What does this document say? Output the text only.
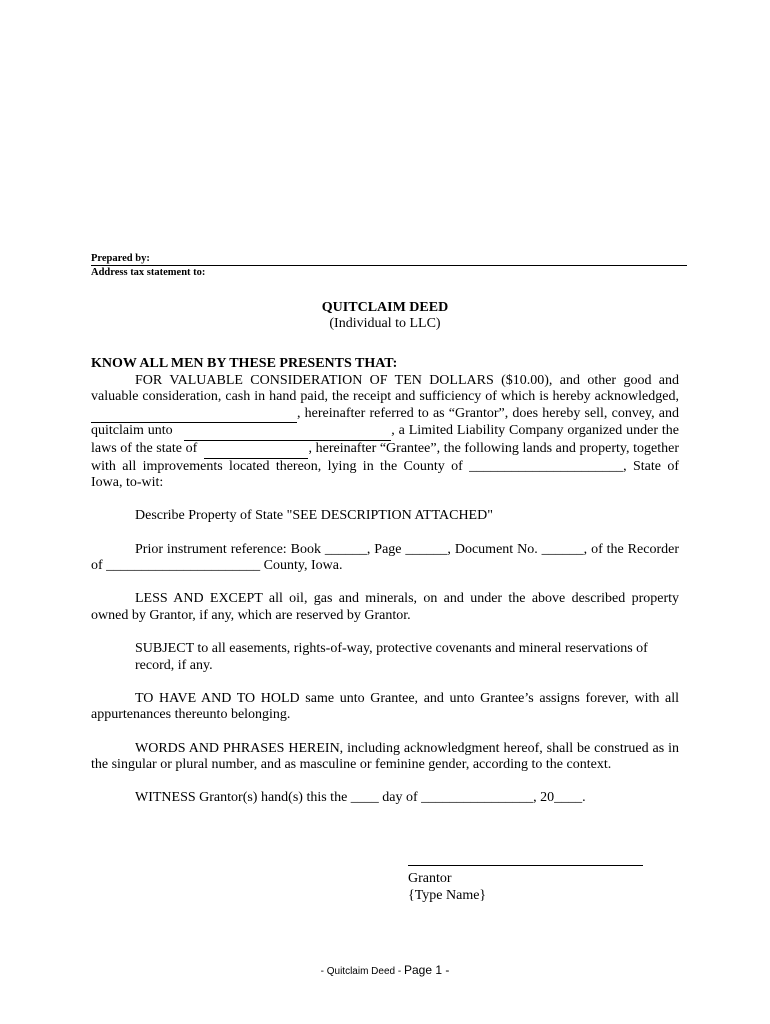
Prepared by:
Address tax statement to:
QUITCLAIM DEED
(Individual to LLC)

KNOW ALL MEN BY THESE PRESENTS THAT:

FOR VALUABLE CONSIDERATION OF TEN DOLLARS ($10.00), and other good and valuable consideration, cash in hand paid, the receipt and sufficiency of which is hereby acknowledged,  , hereinafter referred to as “Grantor”, does hereby sell, convey, and quitclaim unto	, a Limited Liability Company organized under the laws of the state of	, hereinafter “Grantee”, the following lands and property, together with all improvements located thereon, lying in the County of ______________________, State of Iowa, to-wit:

Describe Property of State "SEE DESCRIPTION ATTACHED"

Prior instrument reference: Book ______, Page ______, Document No. ______, of the Recorder of ______________________ County, Iowa.

LESS AND EXCEPT all oil, gas and minerals, on and under the above described property owned by Grantor, if any, which are reserved by Grantor.

SUBJECT to all easements, rights-of-way, protective covenants and mineral reservations of record, if any.

TO HAVE AND TO HOLD same unto Grantee, and unto Grantee’s assigns forever, with all appurtenances thereunto belonging.

WORDS AND PHRASES HEREIN, including acknowledgment hereof, shall be construed as in the singular or plural number, and as masculine or feminine gender, according to the context.

WITNESS Grantor(s) hand(s) this the ____ day of ________________, 20____.

Grantor
{Type Name}
- Quitclaim Deed - Page 1 -
